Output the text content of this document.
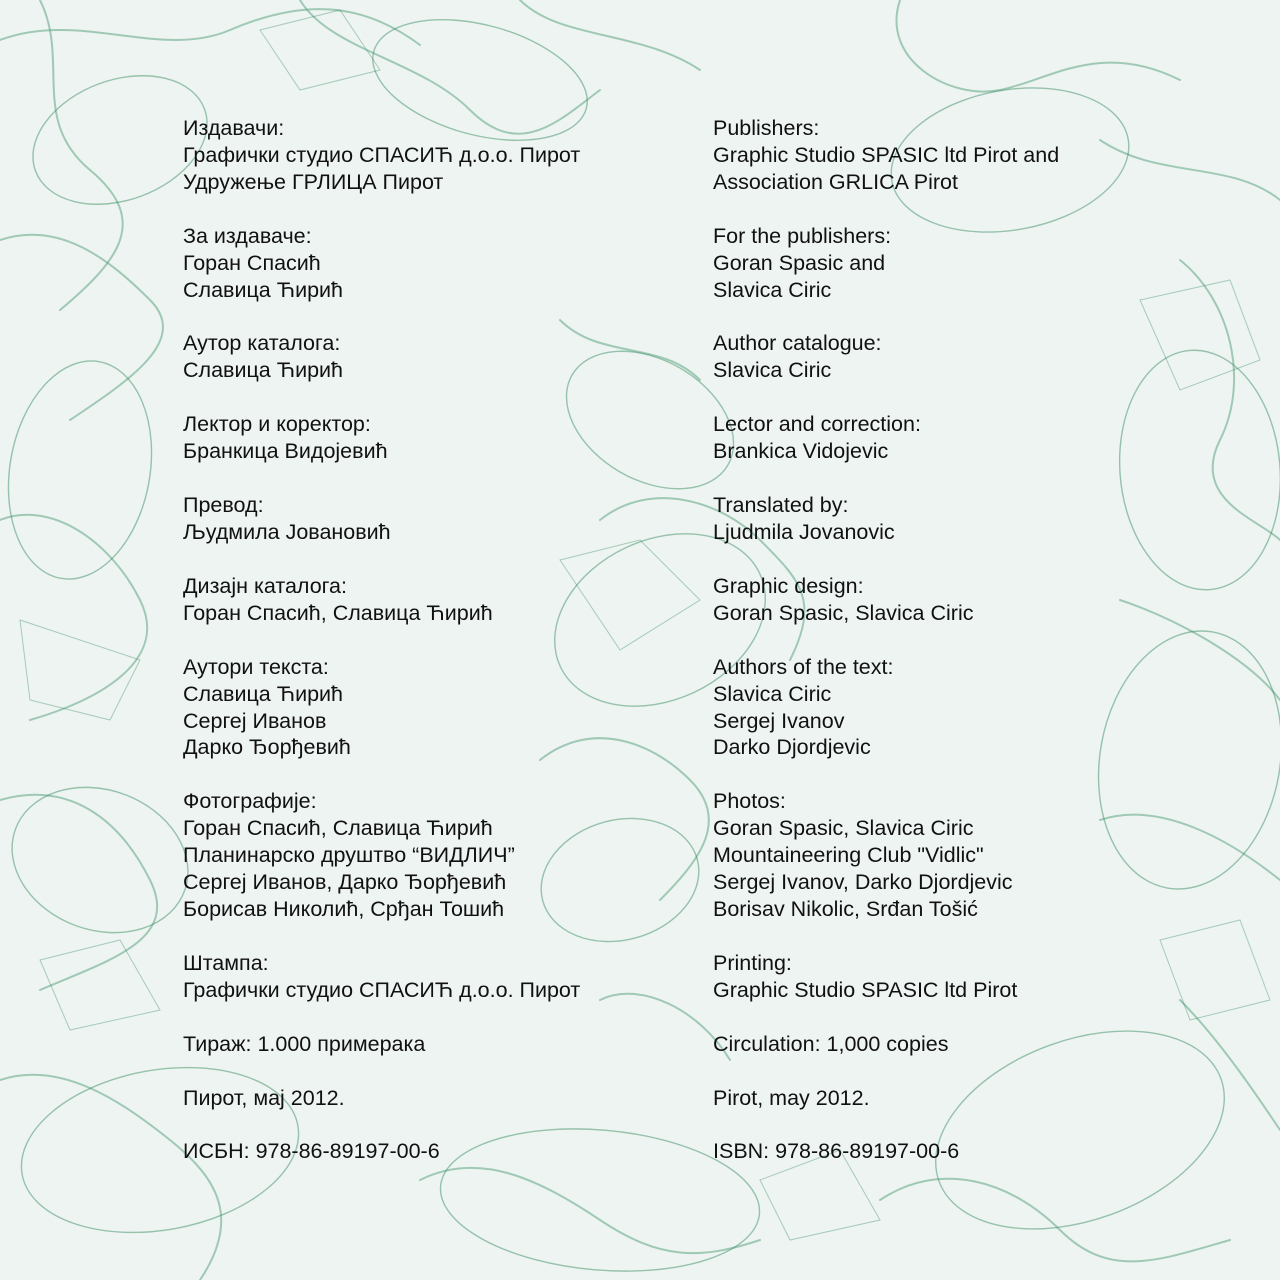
Издавачи:
Графички студио СПАСИЋ д.о.о. Пирот
Удружење ГРЛИЦА Пирот
За издаваче:
Горан Спасић
Славица Ћирић
Аутор каталога:
Славица Ћирић
Лектор и коректор:
Бранкица Видојевић
Превод:
Људмила Јовановић
Дизајн каталога:
Горан Спасић, Славица Ћирић
Аутори текста:
Славица Ћирић
Сергеј Иванов
Дарко Ђорђевић
Фотографије:
Горан Спасић, Славица Ћирић
Планинарско друштво “ВИДЛИЧ”
Сергеј Иванов, Дарко Ђорђевић
Борисав Николић, Срђан Тошић
Штампа:
Графички студио СПАСИЋ д.о.о. Пирот
Тираж: 1.000 примерака
Пирот, мај 2012.
ИСБН: 978-86-89197-00-6
Publishers:
Graphic Studio SPASIC ltd Pirot and
Association GRLICA Pirot
For the publishers:
Goran Spasic and
Slavica Ciric
Author catalogue:
Slavica Ciric
Lector and correction:
Brankica Vidojevic
Translated by:
Ljudmila Jovanovic
Graphic design:
Goran Spasic, Slavica Ciric
Authors of the text:
Slavica Ciric
Sergej Ivanov
Darko Djordjevic
Photos:
Goran Spasic, Slavica Ciric
Mountaineering Club "Vidlic"
Sergej Ivanov, Darko Djordjevic
Borisav Nikolic, Srđan Tošić
Printing:
Graphic Studio SPASIC ltd Pirot
Circulation: 1,000 copies
Pirot, may 2012.
ISBN: 978-86-89197-00-6
